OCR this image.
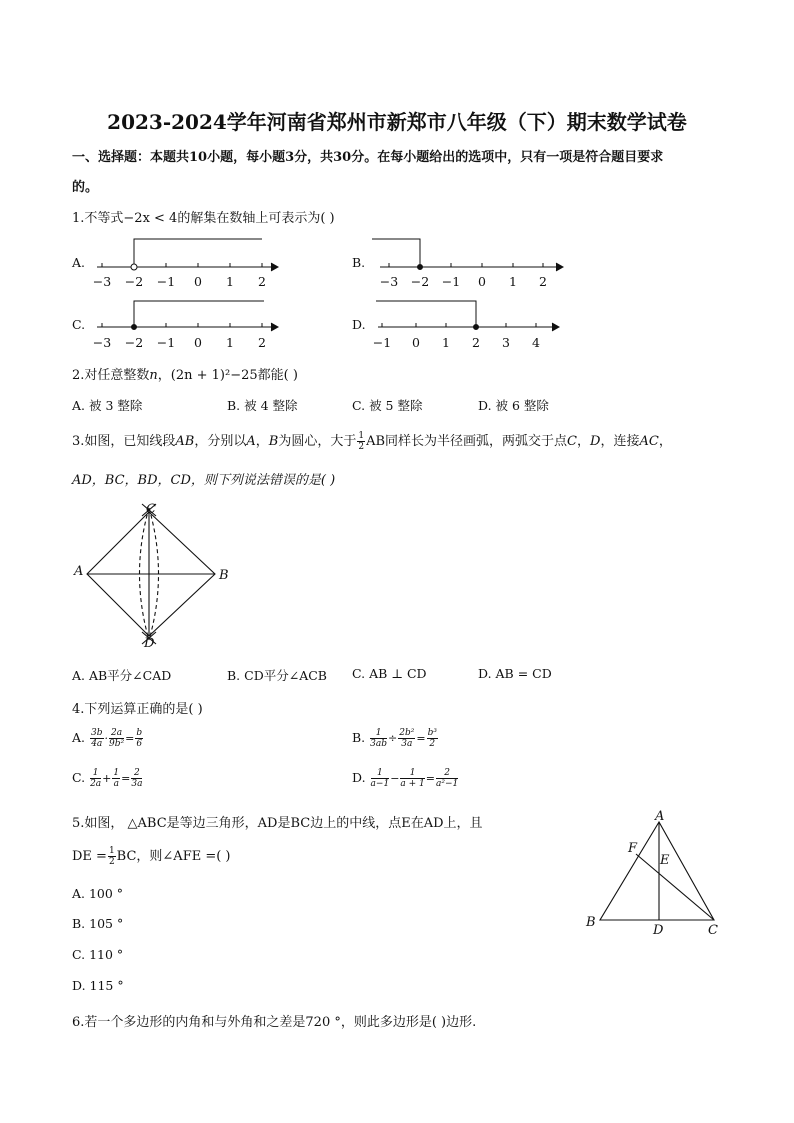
2023-2024学年河南省郑州市新郑市八年级（下）期末数学试卷
一、选择题：本题共10小题，每小题3分，共30分。在每小题给出的选项中，只有一项是符合题目要求
的。
1.不等式−2x < 4的解集在数轴上可表示为( )
A.	B.
C.	D.
−3 −2 −1 0 1 2	−3 −2 −1 0 1 2
−3 −2 −1 0 1 2	−1 0 1 2 3 4
2.对任意整数n，(2n + 1)²−25都能( )
A. 被 3 整除	B. 被 4 整除	C. 被 5 整除	D. 被 6 整除
3.如图，已知线段AB，分别以A，B为圆心，大于 $\frac{1}{2}$ AB同样长为半径画弧，两弧交于点C，D，连接AC，
AD，BC，BD，CD，则下列说法错误的是( )
C
A	B
D
A. AB平分∠CAD	B. CD平分∠ACB C. AB ⊥ CD	D. AB = CD
4.下列运算正确的是( )
A. $\frac{3b}{4a} \cdot \frac{2a}{\text{9b²}} = \frac{b}{6}$	B. $\frac{1}{3ab} \div \frac{\text{2b²}}{3a} = \frac{\text{b³}}{2}$
C. $\frac{1}{2a} + \frac{1}{a} = \frac{2}{3a}$	D. $\frac{1}{a-1} - \frac{1}{a + 1} = \frac{2}{\text{a²−1}}$
5.如图， △ABC是等边三角形，AD是BC边上的中线，点E在AD上，且
DE = $\frac{1}{2}$ BC，则∠AFE =( )
A. 100 °
B. 105 °
C. 110 °
D. 115 °
A
F
E
B
D	C
6.若一个多边形的内角和与外角和之差是720 °，则此多边形是( )边形.
